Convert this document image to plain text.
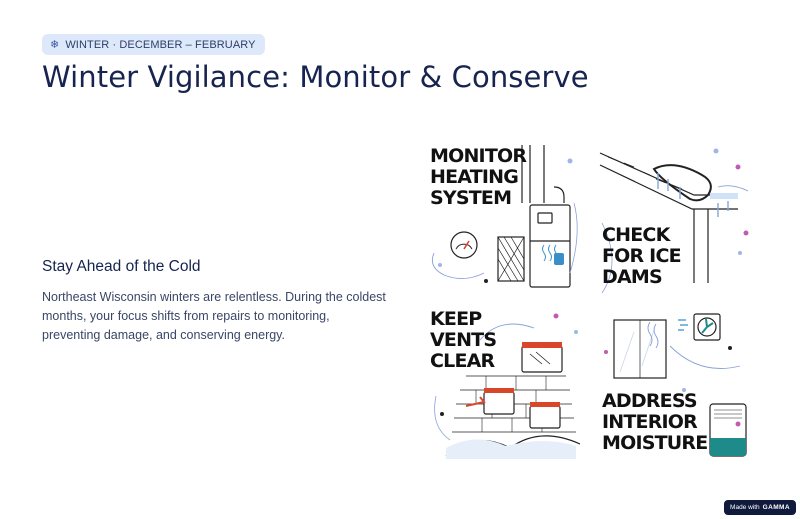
❄ WINTER · DECEMBER – FEBRUARY
Winter Vigilance: Monitor & Conserve
Stay Ahead of the Cold

Northeast Wisconsin winters are relentless. During the coldest months, your focus shifts from repairs to monitoring, preventing damage, and conserving energy.

MONITOR
HEATING
SYSTEM

CHECK
FOR ICE
DAMS

KEEP
VENTS
CLEAR

ADDRESS
INTERIOR
MOISTURE

Made with GAMMA
